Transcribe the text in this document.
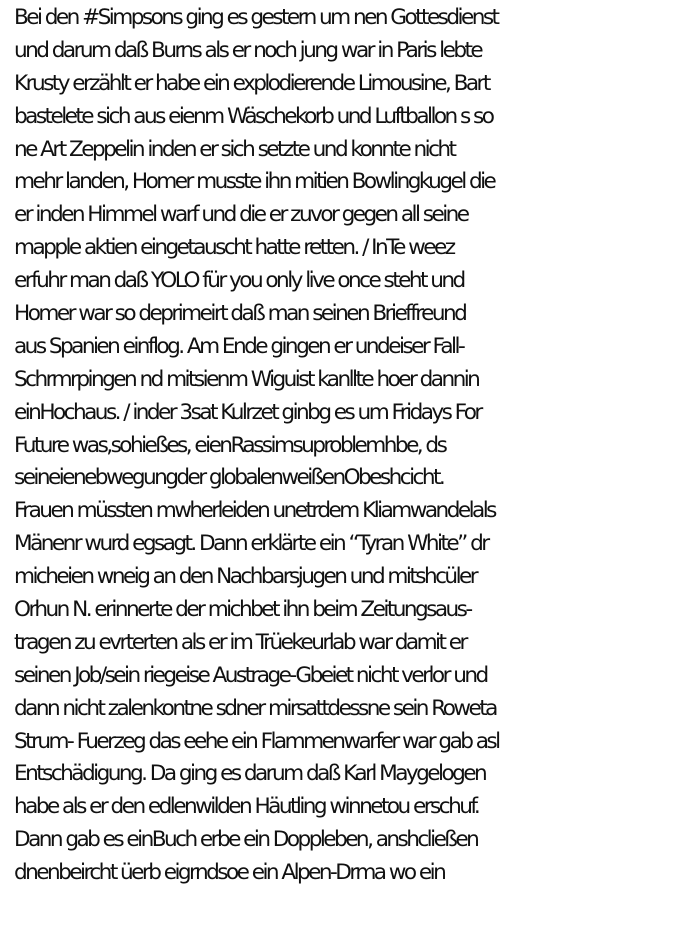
Bei den #Simpsons ging es gestern um nen Gottesdienst
und darum daß Burns als er noch jung war in Paris lebte
Krusty erzählt er habe ein explodierende Limousine, Bart
bastelete sich aus eienm Wäschekorb und Luftballon s so
ne Art Zeppelin inden er sich setzte und konnte nicht
mehr landen, Homer musste ihn mitien Bowlingkugel die
er inden Himmel warf und die er zuvor gegen all seine
mapple aktien eingetauscht hatte retten. / InTe weez
erfuhr man daß YOLO für you only live once steht und
Homer war so deprimeirt daß man seinen Brieffreund
aus Spanien einflog. Am Ende gingen er undeiser Fall-
Schrmrpingen nd mitsienm Wiguist kanllte hoer dannin
einHochaus. / inder 3sat Kulrzet ginbg es um Fridays For
Future was,sohießes, eienRassimsuproblemhbe, ds
seineienebwegungder globalenweißenObeshcicht.
Frauen müssten mwherleiden unetrdem Kliamwandelals
Mänenr wurd egsagt. Dann erklärte ein “Tyran White” dr
micheien wneig an den Nachbarsjugen und mitshcüler
Orhun N. erinnerte der michbet ihn beim Zeitungsaus-
tragen zu evrterten als er im Trüekeurlab war damit er
seinen Job/sein riegeise Austrage-Gbeiet nicht verlor und
dann nicht zalenkontne sdner mirsattdessne sein Roweta
Strum- Fuerzeg das eehe ein Flammenwarfer war gab asl
Entschädigung. Da ging es darum daß Karl Maygelogen
habe als er den edlenwilden Häutling winnetou erschuf.
Dann gab es einBuch erbe ein Doppleben, anshcließen
dnenbeircht üerb eigrndsoe ein Alpen-Drma wo ein
